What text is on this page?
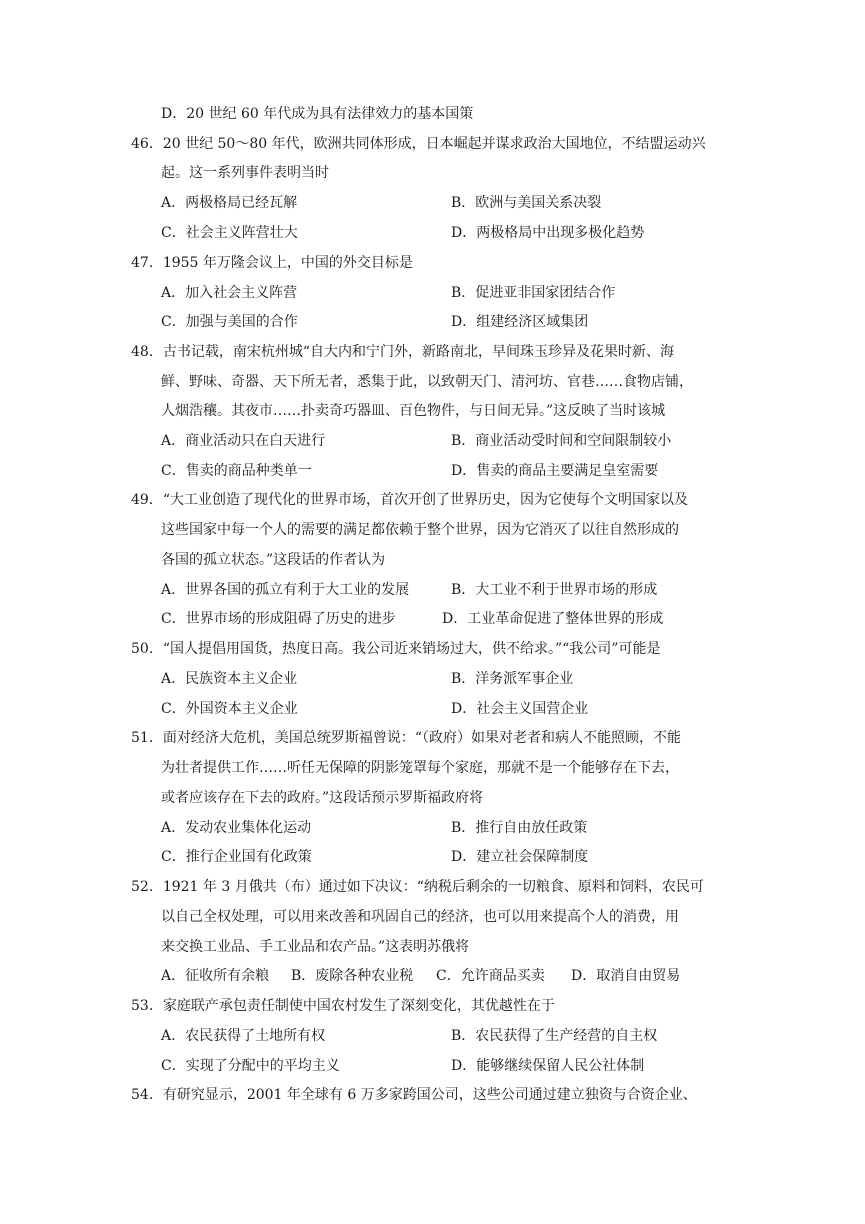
D．20 世纪 60 年代成为具有法律效力的基本国策
46．20 世纪 50～80 年代，欧洲共同体形成，日本崛起并谋求政治大国地位，不结盟运动兴
起。这一系列事件表明当时
A．两极格局已经瓦解	B．欧洲与美国关系决裂
C．社会主义阵营壮大	D．两极格局中出现多极化趋势
47．1955 年万隆会议上，中国的外交目标是
A．加入社会主义阵营	B．促进亚非国家团结合作
C．加强与美国的合作	D．组建经济区域集团
48．古书记载，南宋杭州城“自大内和宁门外，新路南北，早间珠玉珍异及花果时新、海
鲜、野味、奇器、天下所无者，悉集于此，以致朝天门、清河坊、官巷……食物店铺，
人烟浩穰。其夜市……扑卖奇巧器皿、百色物件，与日间无异。”这反映了当时该城
A．商业活动只在白天进行	B．商业活动受时间和空间限制较小
C．售卖的商品种类单一	D．售卖的商品主要满足皇室需要
49．“大工业创造了现代化的世界市场，首次开创了世界历史，因为它使每个文明国家以及
这些国家中每一个人的需要的满足都依赖于整个世界，因为它消灭了以往自然形成的
各国的孤立状态。”这段话的作者认为
A．世界各国的孤立有利于大工业的发展	B．大工业不利于世界市场的形成
C．世界市场的形成阻碍了历史的进步	D．工业革命促进了整体世界的形成
50．“国人提倡用国货，热度日高。我公司近来销场过大，供不给求。”“我公司”可能是
A．民族资本主义企业	B．洋务派军事企业
C．外国资本主义企业	D．社会主义国营企业
51．面对经济大危机，美国总统罗斯福曾说：“（政府）如果对老者和病人不能照顾，不能
为壮者提供工作……听任无保障的阴影笼罩每个家庭，那就不是一个能够存在下去，
或者应该存在下去的政府。”这段话预示罗斯福政府将
A．发动农业集体化运动	B．推行自由放任政策
C．推行企业国有化政策	D．建立社会保障制度
52．1921 年 3 月俄共（布）通过如下决议：“纳税后剩余的一切粮食、原料和饲料，农民可
以自己全权处理，可以用来改善和巩固自己的经济，也可以用来提高个人的消费，用
来交换工业品、手工业品和农产品。”这表明苏俄将
A．征收所有余粮 B．废除各种农业税 C．允许商品买卖 D．取消自由贸易
53．家庭联产承包责任制使中国农村发生了深刻变化，其优越性在于
A．农民获得了土地所有权	B．农民获得了生产经营的自主权
C．实现了分配中的平均主义	D．能够继续保留人民公社体制
54．有研究显示，2001 年全球有 6 万多家跨国公司，这些公司通过建立独资与合资企业、
